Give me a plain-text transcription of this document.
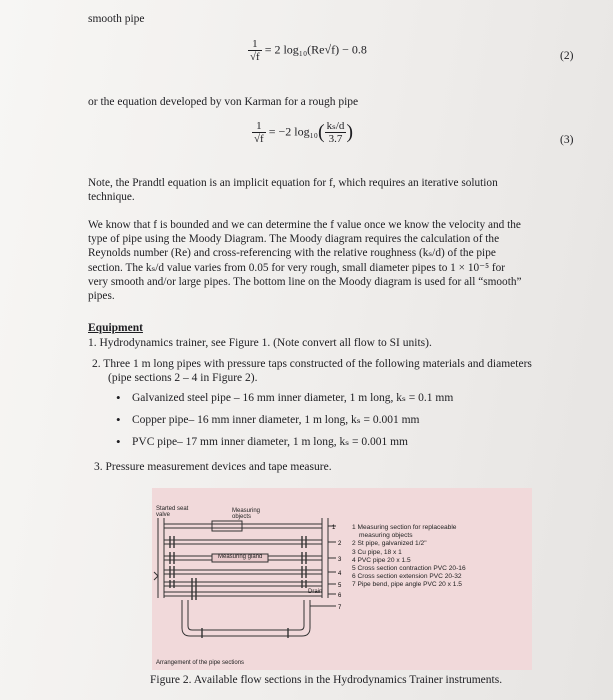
smooth pipe
$\frac{1}{√f} = 2$ log₁₀(Re√f) − 0.8	(2)
or the equation developed by von Karman for a rough pipe
$\frac{1}{√f} = -2$ $\log_{10}( \frac{\text{kₛ/d}}{3.7}$ )	(3)
Note, the Prandtl equation is an implicit equation for f, which requires an iterative solution
technique.
We know that f is bounded and we can determine the f value once we know the velocity and the
type of pipe using the Moody Diagram. The Moody diagram requires the calculation of the
Reynolds number (Re) and cross-referencing with the relative roughness (kₛ/d) of the pipe
section. The kₛ/d value varies from 0.05 for very rough, small diameter pipes to 1 × 10⁻⁵ for
very smooth and/or large pipes. The bottom line on the Moody diagram is used for all “smooth”
pipes.
Equipment
1. Hydrodynamics trainer, see Figure 1. (Note convert all flow to SI units).
2. Three 1 m long pipes with pressure taps constructed of the following materials and diameters
(pipe sections 2 – 4 in Figure 2).
• Galvanized steel pipe – 16 mm inner diameter, 1 m long, kₛ = 0.1 mm
• Copper pipe– 16 mm inner diameter, 1 m long, kₛ = 0.001 mm
• PVC pipe– 17 mm inner diameter, 1 m long, kₛ = 0.001 mm
3. Pressure measurement devices and tape measure.
1
2
3
4
5
6
7
Started seat
valve
Measuring
objects
Measuring gland
Drain
1 Measuring section for replaceable
measuring objects
2 St pipe, galvanized 1/2"
3 Cu pipe, 18 x 1
4 PVC pipe 20 x 1.5
5 Cross section contraction PVC 20-16
6 Cross section extension PVC 20-32
7 Pipe bend, pipe angle PVC 20 x 1.5
Arrangement of the pipe sections
Figure 2. Available flow sections in the Hydrodynamics Trainer instruments.
